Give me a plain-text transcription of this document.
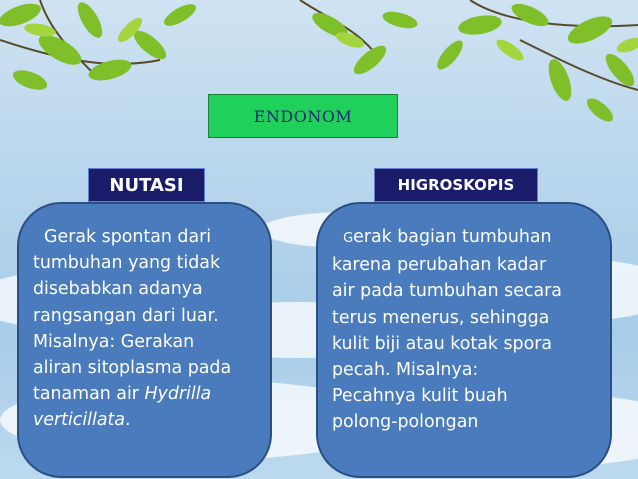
ENDONOM
NUTASI	HIGROSKOPIS
Gerak spontan dari
tumbuhan yang tidak
disebabkan adanya
rangsangan dari luar.
Misalnya: Gerakan
aliran sitoplasma pada
tanaman air Hydrilla
verticillata.
Gerak bagian tumbuhan
karena perubahan kadar
air pada tumbuhan secara
terus menerus, sehingga
kulit biji atau kotak spora
pecah. Misalnya:
Pecahnya kulit buah
polong-polongan
